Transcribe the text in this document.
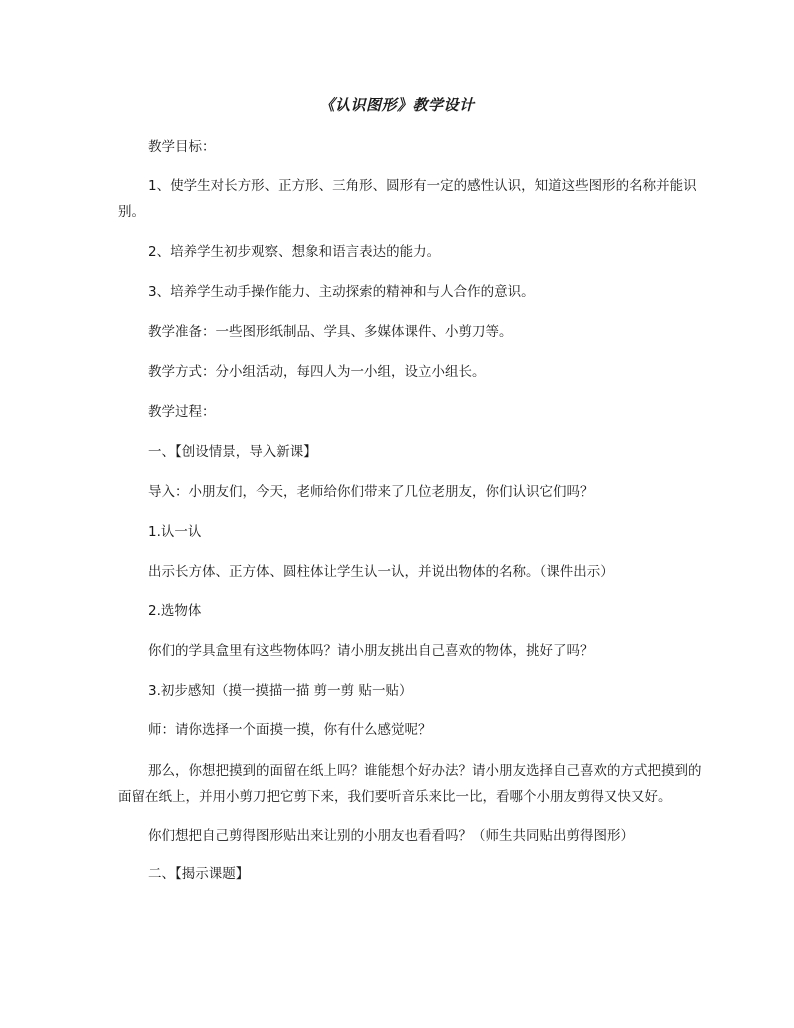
《认识图形》教学设计
教学目标：
1、使学生对长方形、正方形、三角形、圆形有一定的感性认识，知道这些图形的名称并能识别。
2、培养学生初步观察、想象和语言表达的能力。
3、培养学生动手操作能力、主动探索的精神和与人合作的意识。
教学准备：一些图形纸制品、学具、多媒体课件、小剪刀等。
教学方式：分小组活动，每四人为一小组，设立小组长。
教学过程：
一、【创设情景，导入新课】
导入：小朋友们，今天，老师给你们带来了几位老朋友，你们认识它们吗？
1.认一认
出示长方体、正方体、圆柱体让学生认一认，并说出物体的名称。（课件出示）
2.选物体
你们的学具盒里有这些物体吗？请小朋友挑出自己喜欢的物体，挑好了吗？
3.初步感知（摸一摸描一描 剪一剪 贴一贴）
师：请你选择一个面摸一摸，你有什么感觉呢？
那么，你想把摸到的面留在纸上吗？谁能想个好办法？请小朋友选择自己喜欢的方式把摸到的面留在纸上，并用小剪刀把它剪下来，我们要听音乐来比一比，看哪个小朋友剪得又快又好。
你们想把自己剪得图形贴出来让别的小朋友也看看吗？（师生共同贴出剪得图形）
二、【揭示课题】
